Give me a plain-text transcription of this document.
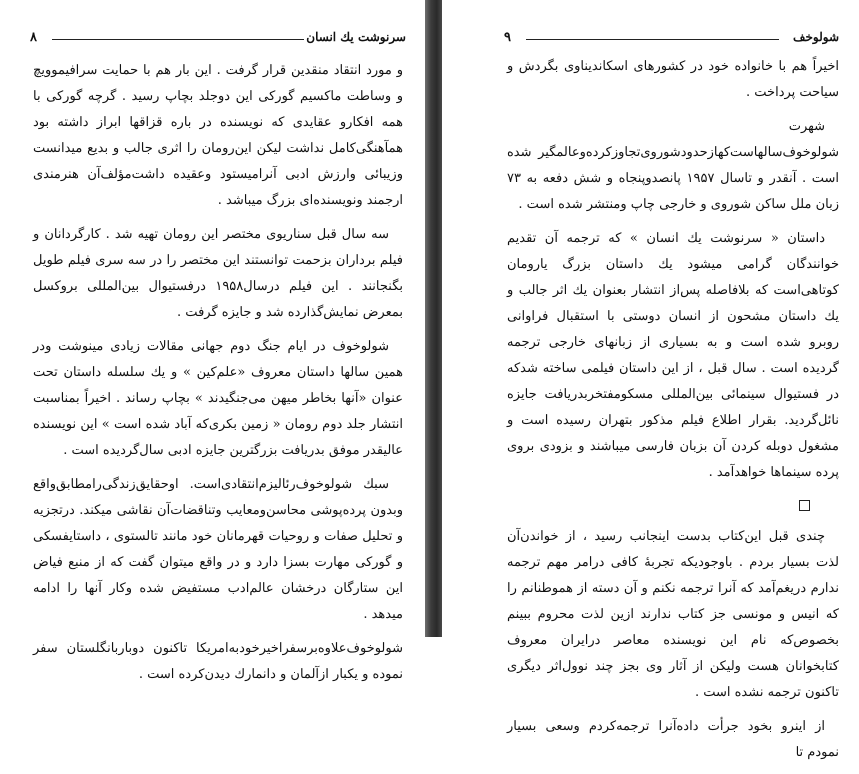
سرنوشت یك انسان
۸

و مورد انتقاد منقدین قرار گرفت . این بار هم با حمایت سرافیموویچ و وساطت ماکسیم گورکی این دوجلد بچاپ رسید . گرچه گورکی با همه افکارو عقایدی که نویسنده در باره قزاقها ابراز داشته بود همآهنگی‌کامل نداشت لیکن این‌رومان را اثری جالب و بدیع میدانست وزیبائی وارزش ادبی آنرامیستود وعقیده داشت‌مؤلف‌آن هنرمندی ارجمند ونویسنده‌ای بزرگ میباشد .

سه سال قبل سناریوی مختصر این رومان تهیه شد . کارگردانان و فیلم برداران بزحمت توانستند این مختصر را در سه سری فیلم طویل بگنجانند . این فیلم درسال۱۹۵۸ درفستیوال بین‌المللی بروکسل بمعرض نمایش‌گذارده شد و جایزه گرفت .

شولوخوف در ایام جنگ دوم جهانی مقالات زیادی مینوشت ودر همین سالها داستان معروف «علم‌کین » و یك سلسله داستان تحت عنوان «آنها بخاطر میهن می‌جنگیدند » بچاپ رساند . اخیراً بمناسبت انتشار جلد دوم رومان « زمین بکری‌که آباد شده است » این نویسنده عالیقدر موفق بدریافت بزرگترین جایزه ادبی سال‌گردیده است .

سبك شولوخوف‌رئالیزم‌انتقادی‌است. اوحقایق‌زندگی‌رامطابق‌واقع وبدون پرده‌پوشی محاسن‌ومعایب وتناقضات‌آن نقاشی میکند. درتجزیه و تحلیل صفات و روحیات قهرمانان خود مانند تالستوی ، داستایفسکی و گورکی مهارت بسزا دارد و در واقع میتوان گفت که از منبع فیاض این ستارگان درخشان عالم‌ادب مستفیض شده وکار آنها را ادامه میدهد .

شولوخوف‌علاوه‌برسفراخیرخودبه‌امریکا تاکنون دوباربانگلستان سفر نموده و یکبار ازآلمان و دانمارك دیدن‌کرده است .

شولوخف
۹

اخیراً هم با خانواده خود در کشورهای اسکاندیناوی بگردش و سیاحت پرداخت .

شهرت شولوخوف‌سالهاست‌کهازحدودشوروی‌تجاوزکرده‌وعالمگیر شده است . آنقدر و تاسال ۱۹۵۷ پانصدوپنجاه و شش دفعه به ۷۳ زبان ملل ساکن شوروی و خارجی چاپ ومنتشر شده است .

داستان « سرنوشت یك انسان » که ترجمه آن تقدیم خوانندگان گرامی میشود یك داستان بزرگ یارومان کوتاهی‌است که بلافاصله پس‌از انتشار بعنوان یك اثر جالب و یك داستان مشحون از انسان دوستی با استقبال فراوانی روبرو شده است و به بسیاری از زبانهای خارجی ترجمه گردیده است . سال قبل ، از این داستان فیلمی ساخته شدکه در فستیوال سینمائی بین‌المللی مسکومفتخربدریافت جایزه نائل‌گردید. بقرار اطلاع فیلم مذکور بتهران رسیده است و مشغول دوبله کردن آن بزبان فارسی میباشند و بزودی بروی پرده سینماها خواهدآمد .

چندی قبل این‌کتاب بدست اینجانب رسید ، از خواندن‌آن لذت بسیار بردم . باوجودیکه تجربهٔ کافی درامر مهم ترجمه ندارم دریغم‌آمد که آنرا ترجمه نکنم و آن دسته از هموطنانم را که انیس و مونسی جز کتاب ندارند ازین لذت محروم ببینم بخصوص‌که نام این نویسنده معاصر درایران معروف کتابخوانان هست ولیکن از آثار وی بجز چند نوول‌اثر دیگری تاکنون ترجمه نشده است .

از اینرو بخود جرأت داده‌آنرا ترجمه‌کردم وسعی بسیار نمودم تا
